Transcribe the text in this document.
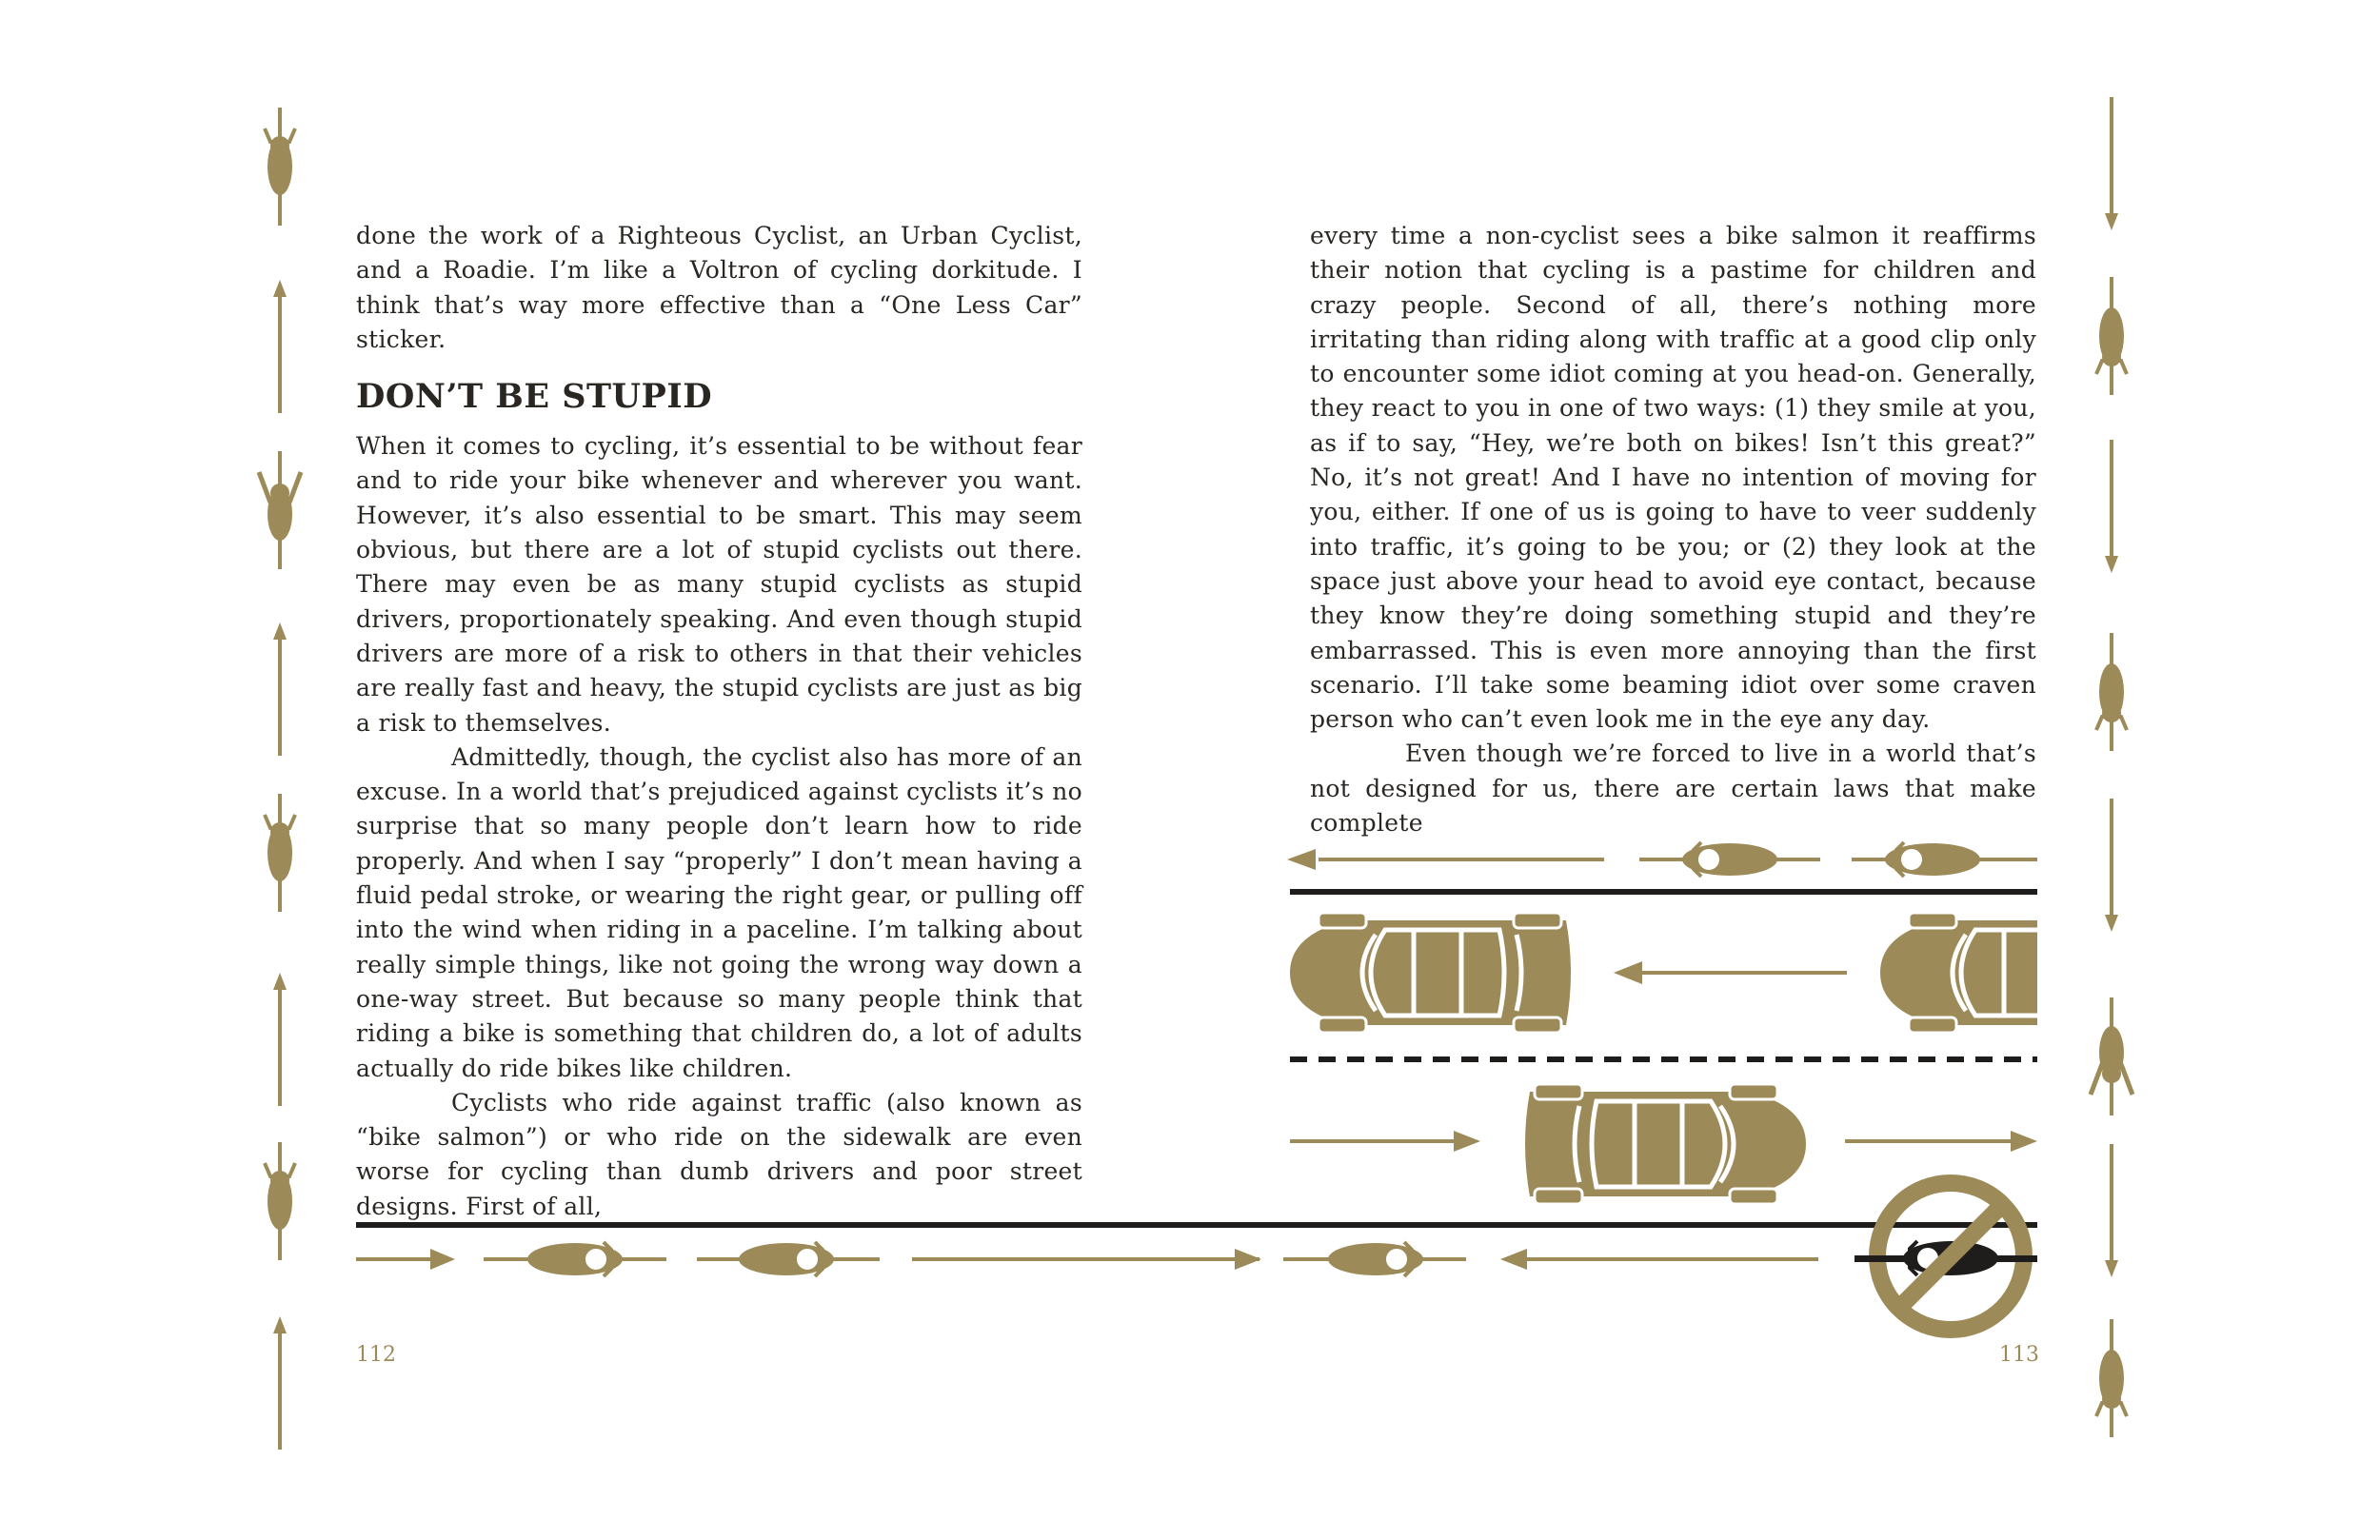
done the work of a Righteous Cyclist, an Urban Cyclist, and a Roadie. I’m like a Voltron of cycling dorkitude. I think that’s way more effective than a “One Less Car” sticker.

DON’T BE STUPID

When it comes to cycling, it’s essential to be without fear and to ride your bike whenever and wherever you want. However, it’s also essential to be smart. This may seem obvious, but there are a lot of stupid cyclists out there. There may even be as many stupid cyclists as stupid drivers, proportionately speaking. And even though stupid drivers are more of a risk to others in that their vehicles are really fast and heavy, the stupid cyclists are just as big a risk to themselves.

Admittedly, though, the cyclist also has more of an excuse. In a world that’s prejudiced against cyclists it’s no surprise that so many people don’t learn how to ride properly. And when I say “properly” I don’t mean having a fluid pedal stroke, or wearing the right gear, or pulling off into the wind when riding in a paceline. I’m talking about really simple things, like not going the wrong way down a one-way street. But because so many people think that riding a bike is something that children do, a lot of adults actually do ride bikes like children.

Cyclists who ride against traffic (also known as “bike salmon”) or who ride on the sidewalk are even worse for cycling than dumb drivers and poor street designs. First of all,

every time a non-cyclist sees a bike salmon it reaffirms their notion that cycling is a pastime for children and crazy people. Second of all, there’s nothing more irritating than riding along with traffic at a good clip only to encounter some idiot coming at you head-on. Generally, they react to you in one of two ways: (1) they smile at you, as if to say, “Hey, we’re both on bikes! Isn’t this great?” No, it’s not great! And I have no intention of moving for you, either. If one of us is going to have to veer suddenly into traffic, it’s going to be you; or (2) they look at the space just above your head to avoid eye contact, because they know they’re doing something stupid and they’re embarrassed. This is even more annoying than the first scenario. I’ll take some beaming idiot over some craven person who can’t even look me in the eye any day.

Even though we’re forced to live in a world that’s not designed for us, there are certain laws that make complete

112	113
